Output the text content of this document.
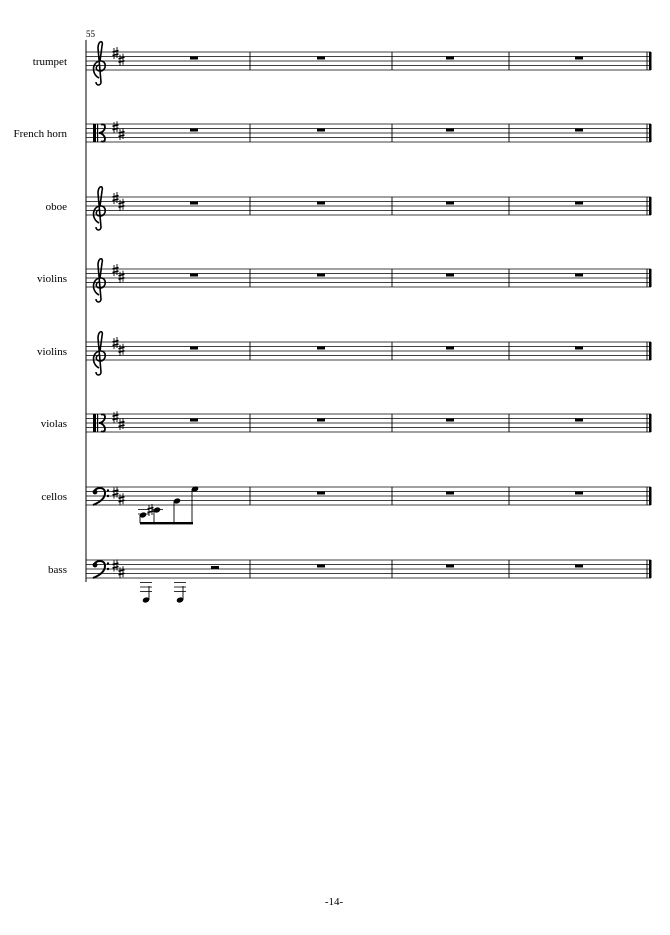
55
trumpet
French horn
oboe
violins
violins
violas
cellos
bass
-14-
